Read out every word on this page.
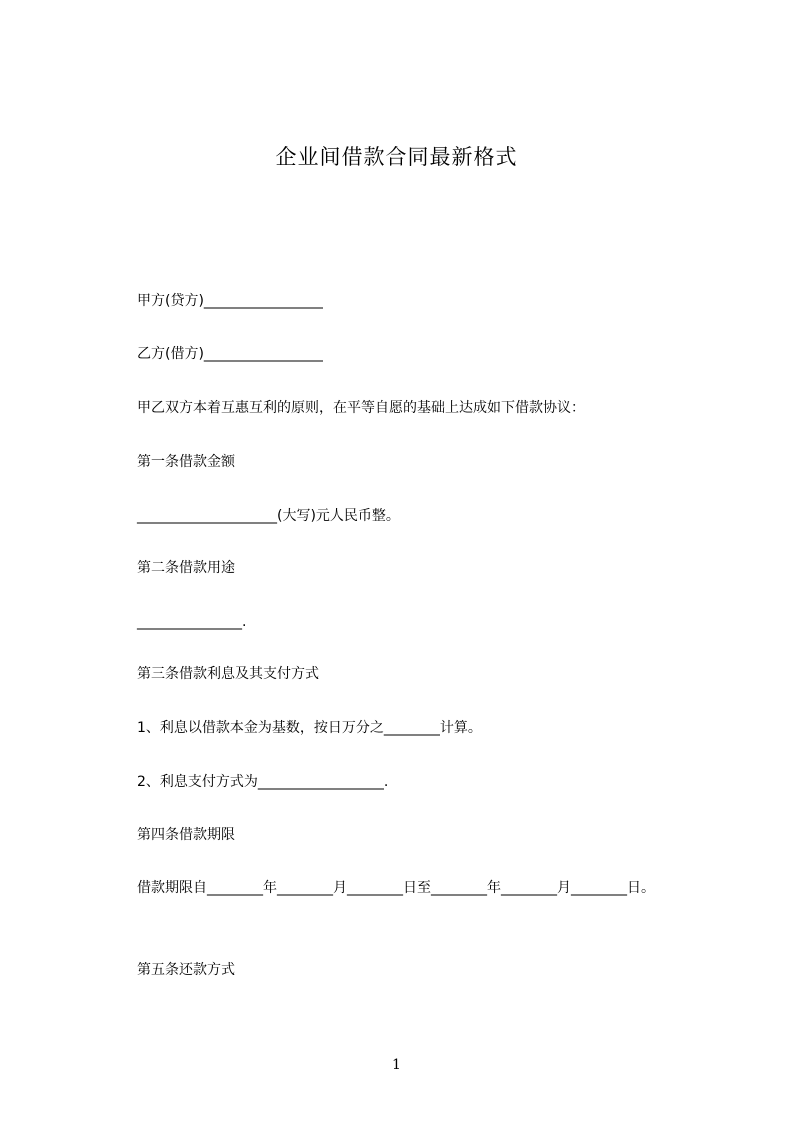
企业间借款合同最新格式
甲方(贷方)_________________
乙方(借方)_________________
甲乙双方本着互惠互利的原则，在平等自愿的基础上达成如下借款协议：
第一条借款金额
____________________(大写)元人民币整。
第二条借款用途
_______________.
第三条借款利息及其支付方式
1、利息以借款本金为基数，按日万分之________计算。
2、利息支付方式为__________________.
第四条借款期限
借款期限自________年________月________日至________年________月________日。
第五条还款方式
1
